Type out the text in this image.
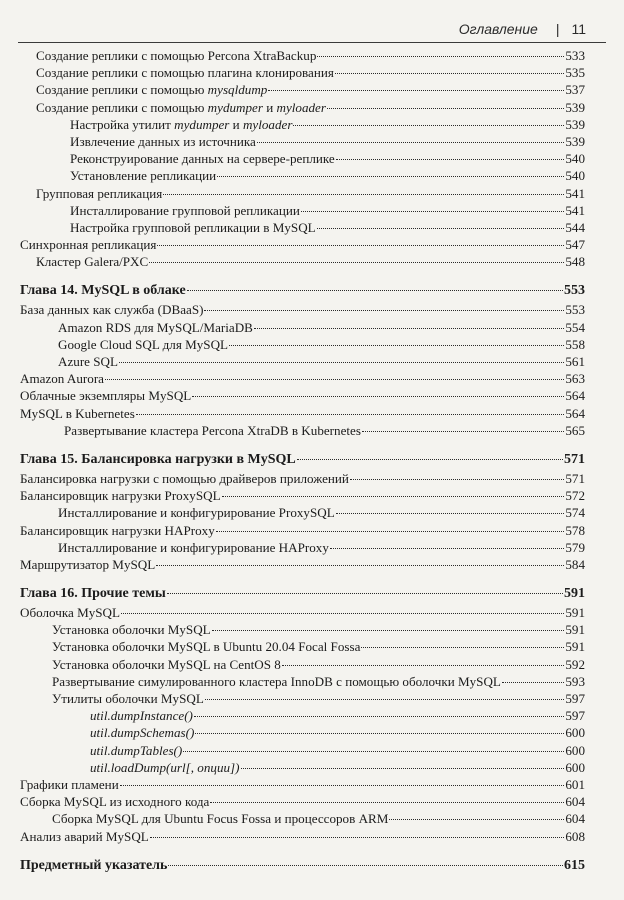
Оглавление | 11
Создание реплики с помощью Percona XtraBackup	533
Создание реплики с помощью плагина клонирования	535
Создание реплики с помощью mysqldump	537
Создание реплики с помощью mydumper и myloader	539
Настройка утилит mydumper и myloader	539
Извлечение данных из источника	539
Реконструирование данных на сервере-реплике	540
Установление репликации	540
Групповая репликация	541
Инсталлирование групповой репликации	541
Настройка групповой репликации в MySQL	544
Синхронная репликация	547
Кластер Galera/PXC	548
Глава 14. MySQL в облаке	553
База данных как служба (DBaaS)	553
Amazon RDS для MySQL/MariaDB	554
Google Cloud SQL для MySQL	558
Azure SQL	561
Amazon Aurora	563
Облачные экземпляры MySQL	564
MySQL в Kubernetes	564
Развертывание кластера Percona XtraDB в Kubernetes	565
Глава 15. Балансировка нагрузки в MySQL	571
Балансировка нагрузки с помощью драйверов приложений	571
Балансировщик нагрузки ProxySQL	572
Инсталлирование и конфигурирование ProxySQL	574
Балансировщик нагрузки HAProxy	578
Инсталлирование и конфигурирование HAProxy	579
Маршрутизатор MySQL	584
Глава 16. Прочие темы	591
Оболочка MySQL	591
Установка оболочки MySQL	591
Установка оболочки MySQL в Ubuntu 20.04 Focal Fossa	591
Установка оболочки MySQL на CentOS 8	592
Развертывание симулированного кластера InnoDB с помощью оболочки MySQL	593
Утилиты оболочки MySQL	597
util.dumpInstance()	597
util.dumpSchemas()	600
util.dumpTables()	600
util.loadDump(url[, опции])	600
Графики пламени	601
Сборка MySQL из исходного кода	604
Сборка MySQL для Ubuntu Focus Fossa и процессоров ARM	604
Анализ аварий MySQL	608
Предметный указатель	615
